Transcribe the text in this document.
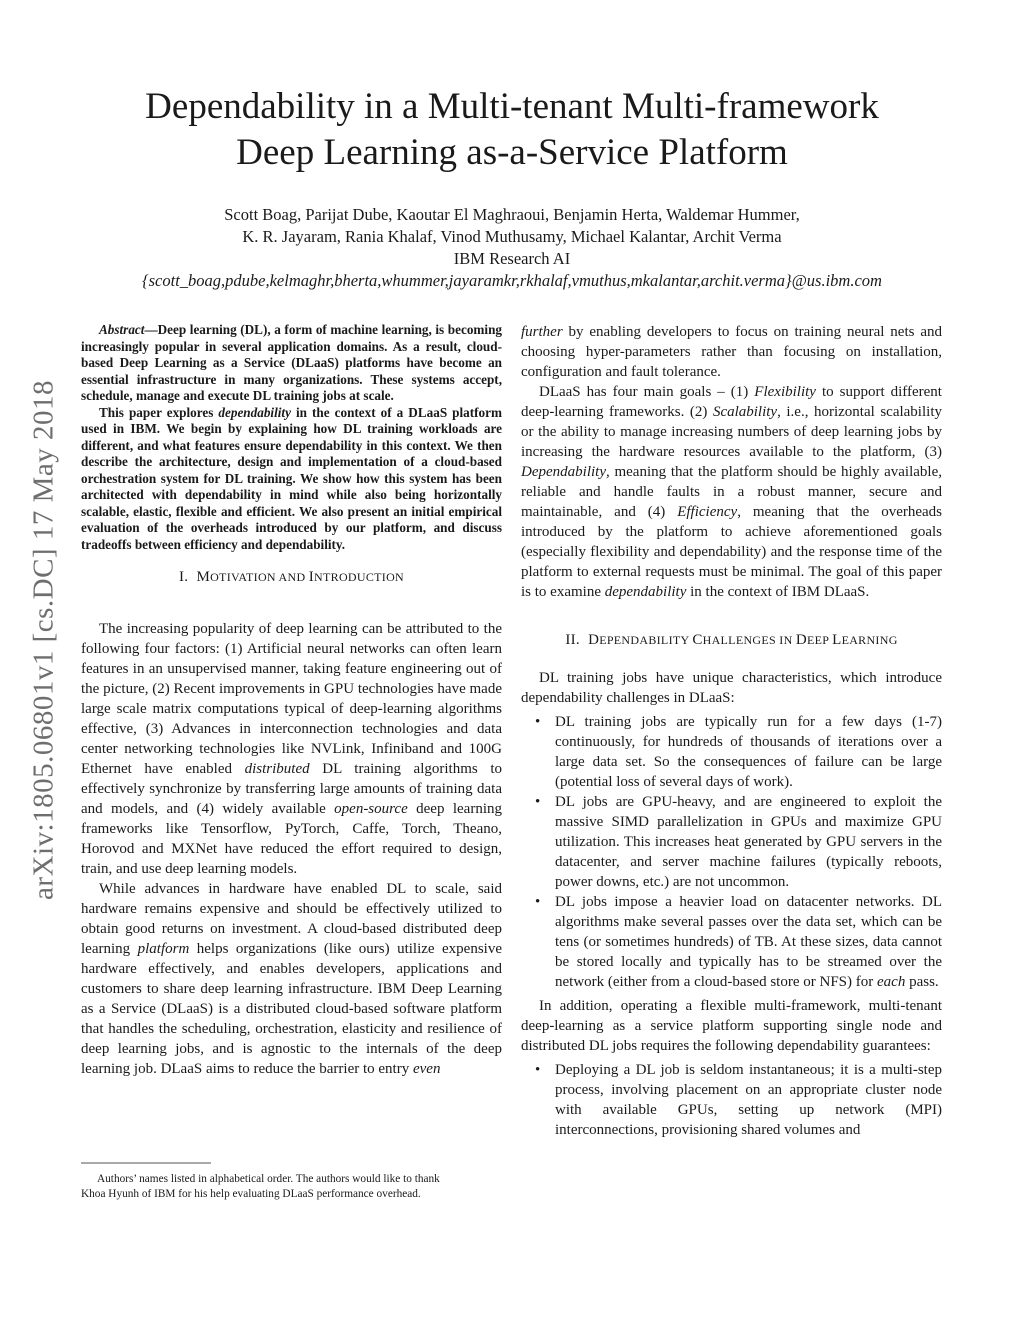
Dependability in a Multi-tenant Multi-framework
Deep Learning as-a-Service Platform
Scott Boag, Parijat Dube, Kaoutar El Maghraoui, Benjamin Herta, Waldemar Hummer,
K. R. Jayaram, Rania Khalaf, Vinod Muthusamy, Michael Kalantar, Archit Verma
IBM Research AI
{scott_boag,pdube,kelmaghr,bherta,whummer,jayaramkr,rkhalaf,vmuthus,mkalantar,archit.verma}@us.ibm.com
arXiv:1805.06801v1 [cs.DC] 17 May 2018

Abstract—Deep learning (DL), a form of machine learning, is becoming increasingly popular in several application domains. As a result, cloud-based Deep Learning as a Service (DLaaS) platforms have become an essential infrastructure in many organizations. These systems accept, schedule, manage and execute DL training jobs at scale.

This paper explores dependability in the context of a DLaaS platform used in IBM. We begin by explaining how DL training workloads are different, and what features ensure dependability in this context. We then describe the architecture, design and implementation of a cloud-based orchestration system for DL training. We show how this system has been architected with dependability in mind while also being horizontally scalable, elastic, flexible and efficient. We also present an initial empirical evaluation of the overheads introduced by our platform, and discuss tradeoffs between efficiency and dependability.

I. MOTIVATION AND INTRODUCTION

The increasing popularity of deep learning can be attributed to the following four factors: (1) Artificial neural networks can often learn features in an unsupervised manner, taking feature engineering out of the picture, (2) Recent improvements in GPU technologies have made large scale matrix computations typical of deep-learning algorithms effective, (3) Advances in interconnection technologies and data center networking technologies like NVLink, Infiniband and 100G Ethernet have enabled distributed DL training algorithms to effectively synchronize by transferring large amounts of training data and models, and (4) widely available open-source deep learning frameworks like Tensorflow, PyTorch, Caffe, Torch, Theano, Horovod and MXNet have reduced the effort required to design, train, and use deep learning models.

While advances in hardware have enabled DL to scale, said hardware remains expensive and should be effectively utilized to obtain good returns on investment. A cloud-based distributed deep learning platform helps organizations (like ours) utilize expensive hardware effectively, and enables developers, applications and customers to share deep learning infrastructure. IBM Deep Learning as a Service (DLaaS) is a distributed cloud-based software platform that handles the scheduling, orchestration, elasticity and resilience of deep learning jobs, and is agnostic to the internals of the deep learning job. DLaaS aims to reduce the barrier to entry even

Authors’ names listed in alphabetical order. The authors would like to thank
Khoa Hyunh of IBM for his help evaluating DLaaS performance overhead.

further by enabling developers to focus on training neural nets and choosing hyper-parameters rather than focusing on installation, configuration and fault tolerance.

DLaaS has four main goals – (1) Flexibility to support different deep-learning frameworks. (2) Scalability, i.e., horizontal scalability or the ability to manage increasing numbers of deep learning jobs by increasing the hardware resources available to the platform, (3) Dependability, meaning that the platform should be highly available, reliable and handle faults in a robust manner, secure and maintainable, and (4) Efficiency, meaning that the overheads introduced by the platform to achieve aforementioned goals (especially flexibility and dependability) and the response time of the platform to external requests must be minimal. The goal of this paper is to examine dependability in the context of IBM DLaaS.

II. DEPENDABILITY CHALLENGES IN DEEP LEARNING

DL training jobs have unique characteristics, which introduce dependability challenges in DLaaS:

• DL training jobs are typically run for a few days (1-7) continuously, for hundreds of thousands of iterations over a large data set. So the consequences of failure can be large (potential loss of several days of work).
• DL jobs are GPU-heavy, and are engineered to exploit the massive SIMD parallelization in GPUs and maximize GPU utilization. This increases heat generated by GPU servers in the datacenter, and server machine failures (typically reboots, power downs, etc.) are not uncommon.
• DL jobs impose a heavier load on datacenter networks. DL algorithms make several passes over the data set, which can be tens (or sometimes hundreds) of TB. At these sizes, data cannot be stored locally and typically has to be streamed over the network (either from a cloud-based store or NFS) for each pass.

In addition, operating a flexible multi-framework, multi-tenant deep-learning as a service platform supporting single node and distributed DL jobs requires the following dependability guarantees:

• Deploying a DL job is seldom instantaneous; it is a multi-step process, involving placement on an appropriate cluster node with available GPUs, setting up network (MPI) interconnections, provisioning shared volumes and
